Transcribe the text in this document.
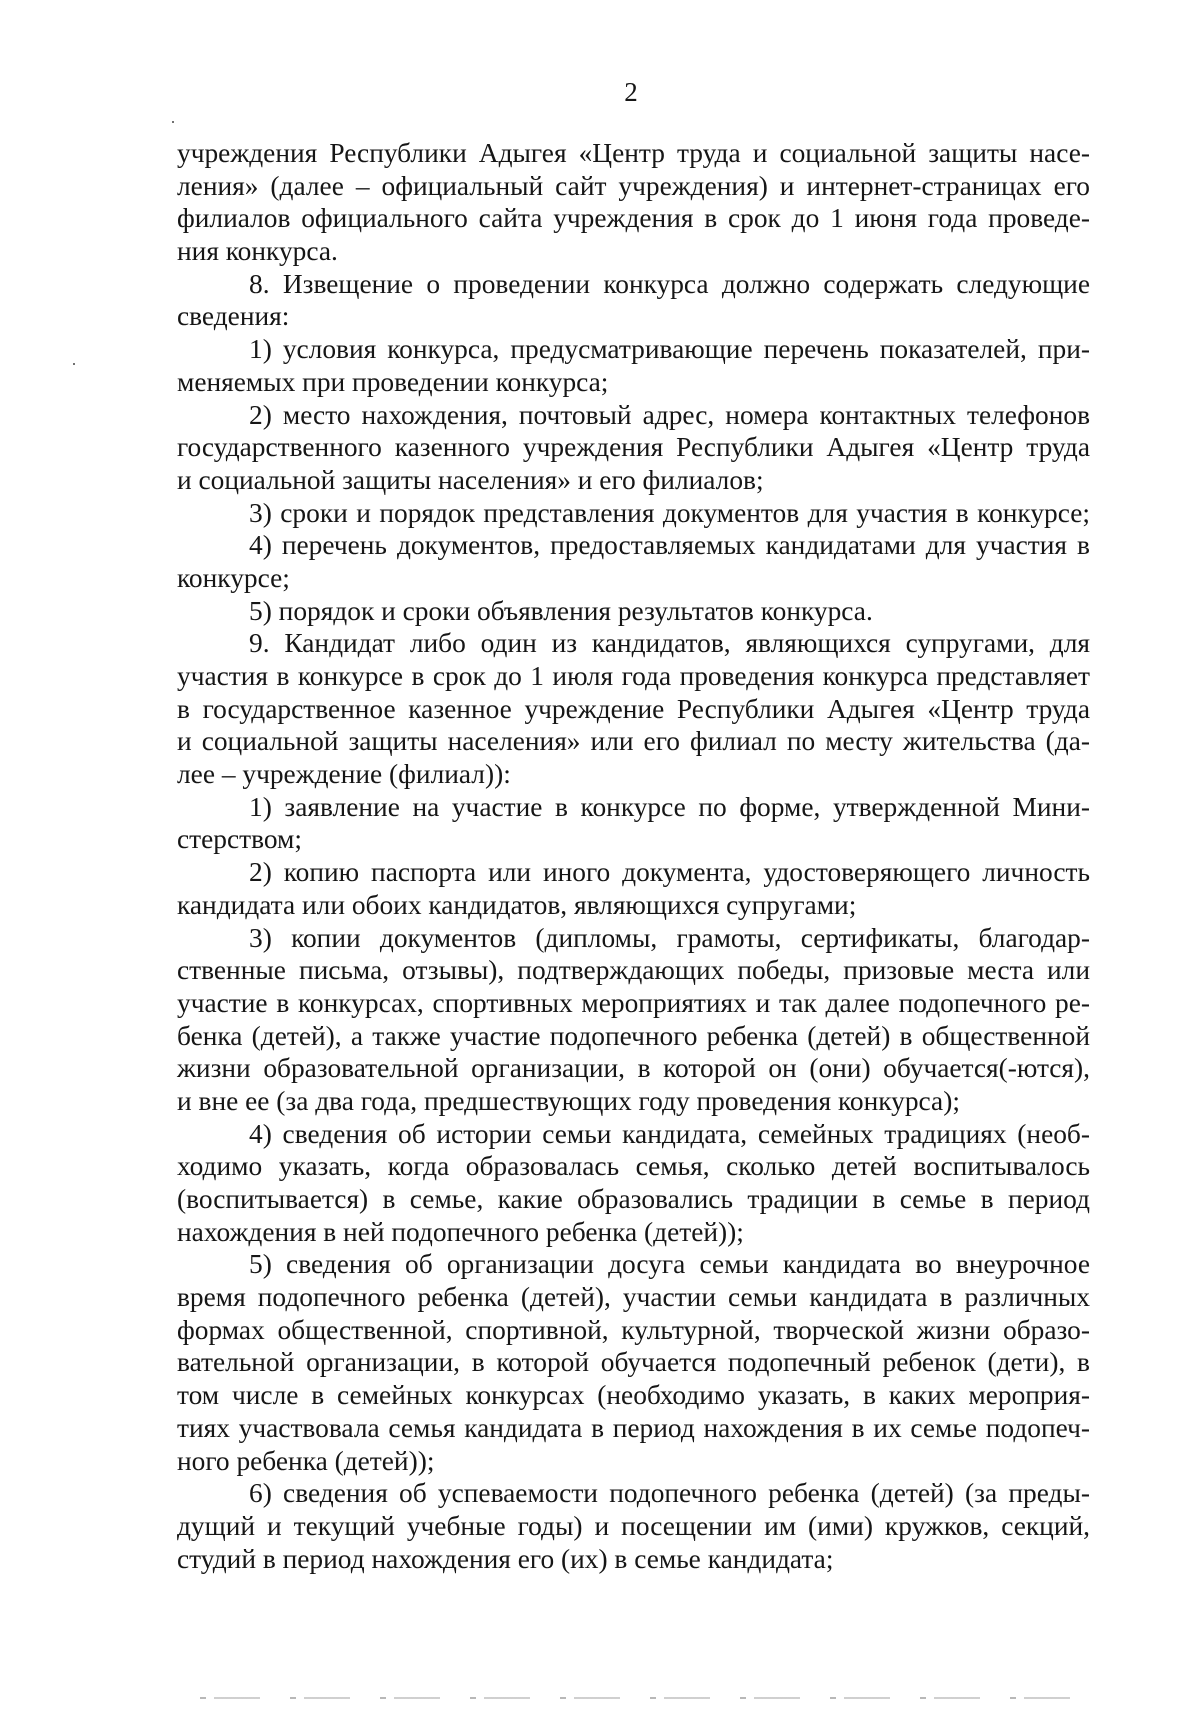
2
учреждения Республики Адыгея «Центр труда и социальной защиты насе-
ления» (далее – официальный сайт учреждения) и интернет-страницах его
филиалов официального сайта учреждения в срок до 1 июня года проведе-
ния конкурса.
8. Извещение о проведении конкурса должно содержать следующие
сведения:
1) условия конкурса, предусматривающие перечень показателей, при-
меняемых при проведении конкурса;
2) место нахождения, почтовый адрес, номера контактных телефонов
государственного казенного учреждения Республики Адыгея «Центр труда
и социальной защиты населения» и его филиалов;
3) сроки и порядок представления документов для участия в конкурсе;
4) перечень документов, предоставляемых кандидатами для участия в
конкурсе;
5) порядок и сроки объявления результатов конкурса.
9. Кандидат либо один из кандидатов, являющихся супругами, для
участия в конкурсе в срок до 1 июля года проведения конкурса представляет
в государственное казенное учреждение Республики Адыгея «Центр труда
и социальной защиты населения» или его филиал по месту жительства (да-
лее – учреждение (филиал)):
1) заявление на участие в конкурсе по форме, утвержденной Мини-
стерством;
2) копию паспорта или иного документа, удостоверяющего личность
кандидата или обоих кандидатов, являющихся супругами;
3) копии документов (дипломы, грамоты, сертификаты, благодар-
ственные письма, отзывы), подтверждающих победы, призовые места или
участие в конкурсах, спортивных мероприятиях и так далее подопечного ре-
бенка (детей), а также участие подопечного ребенка (детей) в общественной
жизни образовательной организации, в которой он (они) обучается(-ются),
и вне ее (за два года, предшествующих году проведения конкурса);
4) сведения об истории семьи кандидата, семейных традициях (необ-
ходимо указать, когда образовалась семья, сколько детей воспитывалось
(воспитывается) в семье, какие образовались традиции в семье в период
нахождения в ней подопечного ребенка (детей));
5) сведения об организации досуга семьи кандидата во внеурочное
время подопечного ребенка (детей), участии семьи кандидата в различных
формах общественной, спортивной, культурной, творческой жизни образо-
вательной организации, в которой обучается подопечный ребенок (дети), в
том числе в семейных конкурсах (необходимо указать, в каких мероприя-
тиях участвовала семья кандидата в период нахождения в их семье подопеч-
ного ребенка (детей));
6) сведения об успеваемости подопечного ребенка (детей) (за преды-
дущий и текущий учебные годы) и посещении им (ими) кружков, секций,
студий в период нахождения его (их) в семье кандидата;
